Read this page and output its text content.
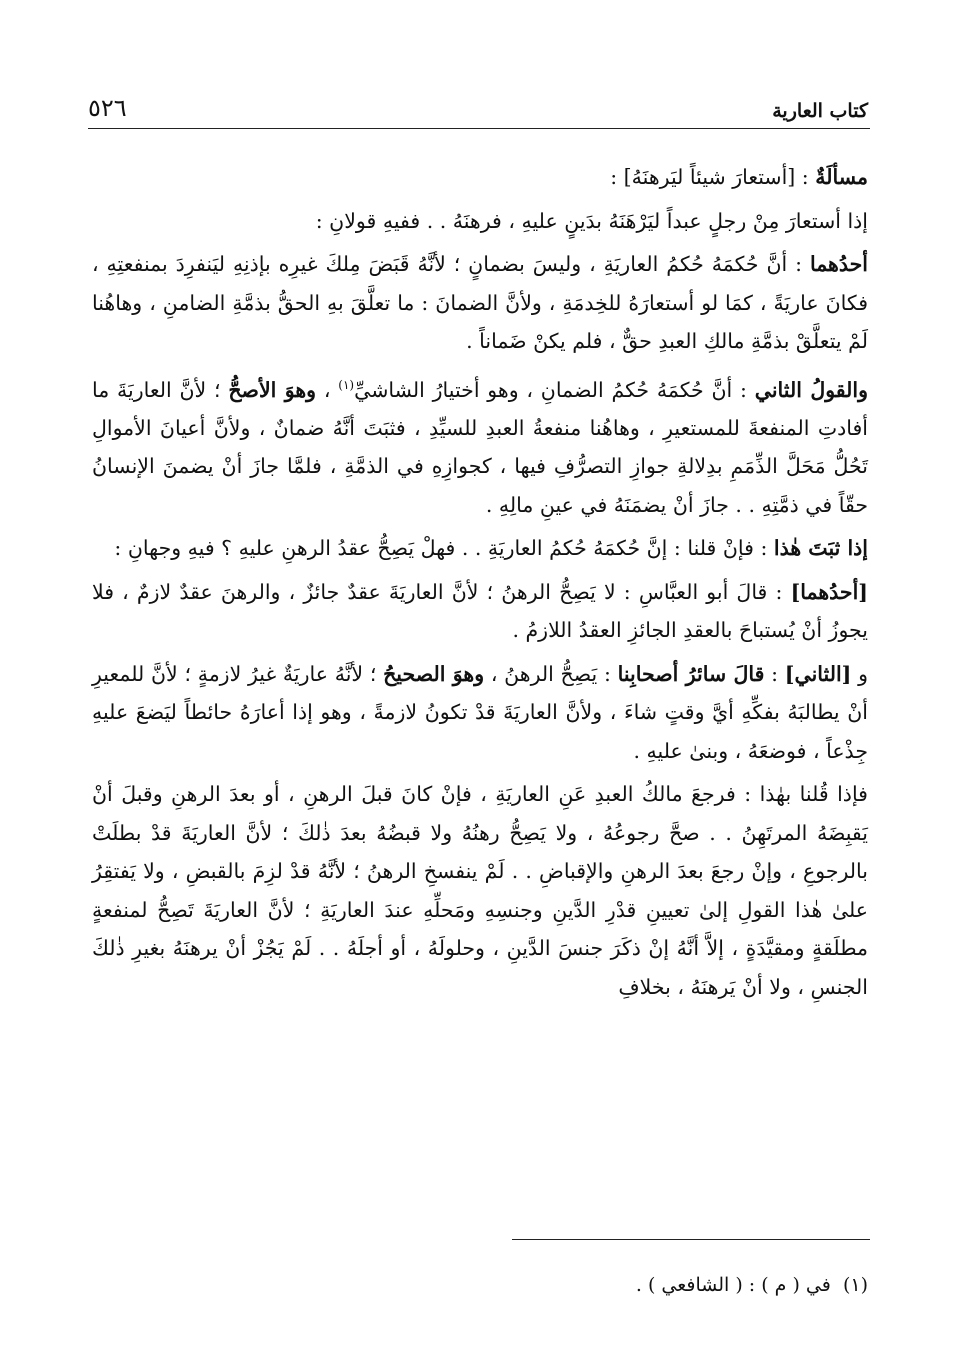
كتاب العارية
٥٢٦

مسألَةٌ : [أستعارَ شيئاً ليَرهنَهُ] :

إذا أستعارَ مِنْ رجلٍ عبداً ليَرْهَنَهُ بدَينٍ عليهِ ، فرهنَهُ . . ففيهِ قولانِ :

أحدُهما : أنَّ حُكمَهُ حُكمُ العاريَةِ ، وليسَ بضمانٍ ؛ لأنَّهُ قَبَضَ مِلكَ غيرِه بإذنِهِ ليَنفرِدَ بمنفعتِهِ ، فكانَ عاريَةً ، كمَا لو أستعارَهُ للخِدمَةِ ، ولأنَّ الضمانَ : ما تعلَّقَ بهِ الحقُّ بذمَّةِ الضامنِ ، وهاهُنا لَمْ يتعلَّقْ بذمَّةِ مالكِ العبدِ حقٌّ ، فلم يكنْ ضَماناً .

والقولُ الثاني : أنَّ حُكمَهُ حُكمُ الضمانِ ، وهو أختيارُ الشاشيِّ$^{(١)}$ ، وهوَ الأصحُّ ؛ لأنَّ العاريَةَ ما أفادتِ المنفعةَ للمستعيرِ ، وهاهُنا منفعةُ العبدِ للسيِّدِ ، فثبَتَ أنَّهُ ضمانٌ ، ولأنَّ أعيانَ الأموالِ تَحُلُّ مَحَلَّ الذِّمَمِ بدِلالةِ جوازِ التصرُّفِ فيها ، كجوازِهِ في الذمَّةِ ، فلمَّا جازَ أنْ يضمنَ الإنسانُ حقّاً في ذمَّتِهِ . . جازَ أنْ يضمَنَهُ في عينِ مالِهِ .

إذا ثبَتَ هٰذا : فإنْ قلنا : إنَّ حُكمَهُ حُكمُ العاريَةِ . . فهلْ يَصِحُّ عقدُ الرهنِ عليهِ ؟ فيهِ وجهانِ :

[أحدُهما] : قالَ أبو العبَّاسِ : لا يَصِحُّ الرهنُ ؛ لأنَّ العاريَةَ عقدٌ جائزٌ ، والرهنَ عقدٌ لازمٌ ، فلا يجوزُ أنْ يُستباحَ بالعقدِ الجائزِ العقدُ اللازمُ .

و [الثاني] : قالَ سائرُ أصحابِنا : يَصِحُّ الرهنُ ، وهوَ الصحيحُ ؛ لأنَّهُ عاريَةٌ غيرُ لازمةٍ ؛ لأنَّ للمعيرِ أنْ يطالبَهُ بفكِّهِ أيَّ وقتٍ شاءَ ، ولأنَّ العاريَةَ قدْ تكونُ لازمةً ، وهو إذا أعارَهُ حائطاً ليَضعَ عليهِ جِذْعاً ، فوضعَهُ ، وبنىٰ عليهِ .

فإذا قُلنا بهٰذا : فرجعَ مالكُ العبدِ عَنِ العاريَةِ ، فإنْ كانَ قبلَ الرهنِ ، أو بعدَ الرهنِ وقبلَ أنْ يَقبِضَهُ المرتَهِنُ . . صحَّ رجوعُهُ ، ولا يَصِحُّ رهنُهُ ولا قبضُهُ بعدَ ذٰلكَ ؛ لأنَّ العاريَةَ قدْ بطلَتْ بالرجوعِ ، وإنْ رجعَ بعدَ الرهنِ والإقباضِ . . لَمْ ينفسخِ الرهنُ ؛ لأنَّهُ قدْ لزِمَ بالقبضِ ، ولا يَفتقِرُ علىٰ هٰذا القولِ إلىٰ تعيينِ قدْرِ الدَّينِ وجنسِهِ ومَحلِّهِ عندَ العاريَةِ ؛ لأنَّ العاريَةَ تَصِحُّ لمنفعةٍ مطلَقةٍ ومقيَّدَةٍ ، إلاَّ أنَّهُ إنْ ذكَرَ جنسَ الدَّينِ ، وحلولَهُ ، أو أجلَهُ . . لَمْ يَجُزْ أنْ يرهنَهُ بغيرِ ذٰلكَ الجنسِ ، ولا أنْ يَرهنَهُ ، بخلافِ

(١)  في ( م ) : ( الشافعي ) .
